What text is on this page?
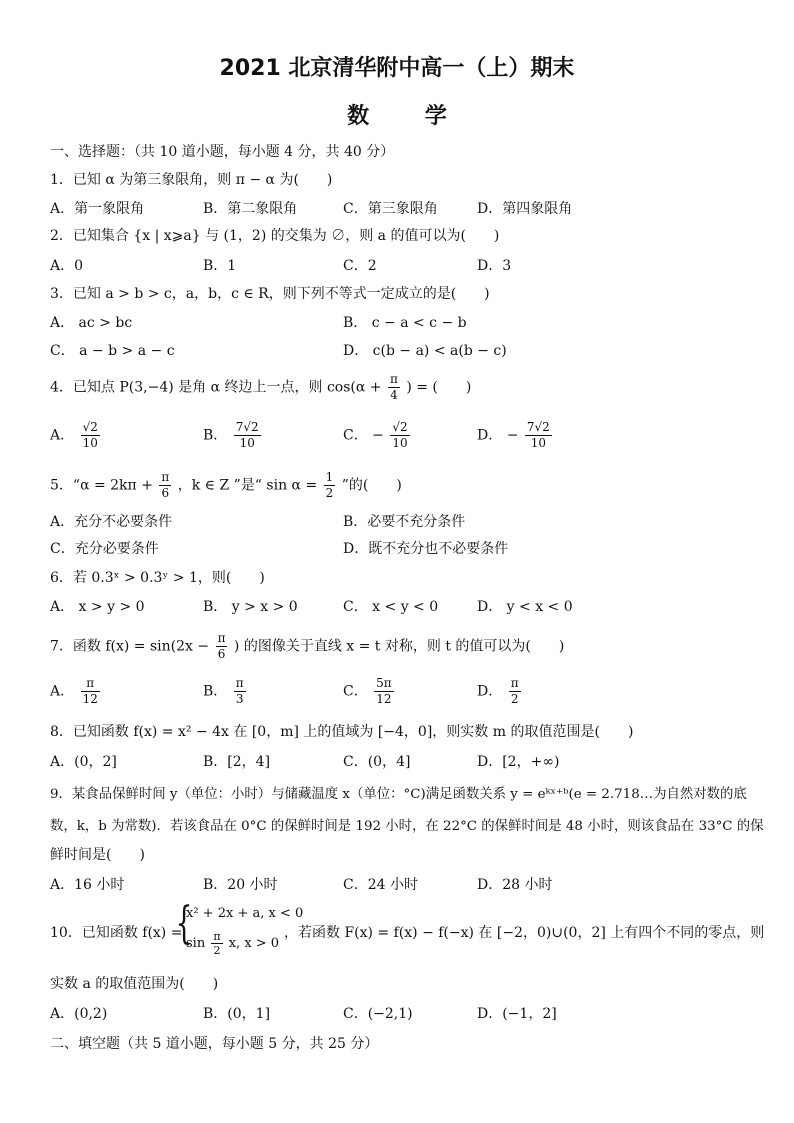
2021 北京清华附中高一（上）期末
数	学
一、选择题：（共 10 道小题，每小题 4 分，共 40 分）
1．已知 α 为第三象限角，则 π − α 为(　　)
A．第一象限角	B．第二象限角	C．第三象限角	D．第四象限角
2．已知集合 {x | x⩾a} 与 (1，2) 的交集为 ∅，则 a 的值可以为(　　)
A．0	B．1	C．2	D．3
3．已知 a > b > c，a，b，c ∈ R，则下列不等式一定成立的是(　　)
A． ac > bc	B． c − a < c − b
C． a − b > a − c	D． c(b − a) < a(b − c)
4．已知点 P(3,−4) 是角 α 终边上一点，则 $\cos(\alpha + \frac{\pi}{4}$ ) = (　　)
A． $\frac{√2}{10}$	B． $\frac{7√2}{10}$	C． − $\frac{√2}{10}$	D． − $\frac{7√2}{10}$
5．“$\alpha = 2k\pi + \frac{\pi}{6}$ ，k ∈ Z ”是“ $\sin \alpha = \frac{1}{2}$ ”的(　　)
A．充分不必要条件	B．必要不充分条件
C．充分必要条件	D．既不充分也不必要条件
6．若 0.3ˣ > 0.3ʸ > 1，则(　　)
A． x > y > 0	B． y > x > 0	C． x < y < 0	D． y < x < 0
7．函数 $f(x) = \sin(2x - \frac{\pi}{6}$ ) 的图像关于直线 x = t 对称，则 t 的值可以为(　　)
A． $\frac{\pi}{12}$	B． $\frac{\pi}{3}$	C． $\frac{5\pi}{12}$	D． $\frac{\pi}{2}$
8．已知函数 f(x) = x² − 4x 在 [0，m] 上的值域为 [−4，0]，则实数 m 的取值范围是(　　)
A．(0，2]	B．[2，4]	C．(0，4]	D．[2，+∞)
9．某食品保鲜时间 y（单位：小时）与储藏温度 x（单位：°C)满足函数关系 y = eᵏˣ⁺ᵇ(e = 2.718…为自然对数的底
数，k，b 为常数)．若该食品在 0°C 的保鲜时间是 192 小时，在 22°C 的保鲜时间是 48 小时，则该食品在 33°C 的保
鲜时间是(　　)
A．16 小时	B．20 小时	C．24 小时	D．28 小时
10．已知函数 f(x) =
{
x² + 2x + a, x < 0
$\sin \frac{\pi}{2} x$, x > 0
，若函数 F(x) = f(x) − f(−x) 在 [−2，0)∪(0，2] 上有四个不同的零点，则
实数 a 的取值范围为(　　)
A．(0,2)	B．(0，1]	C．(−2,1)	D．(−1，2]
二、填空题（共 5 道小题，每小题 5 分，共 25 分）
